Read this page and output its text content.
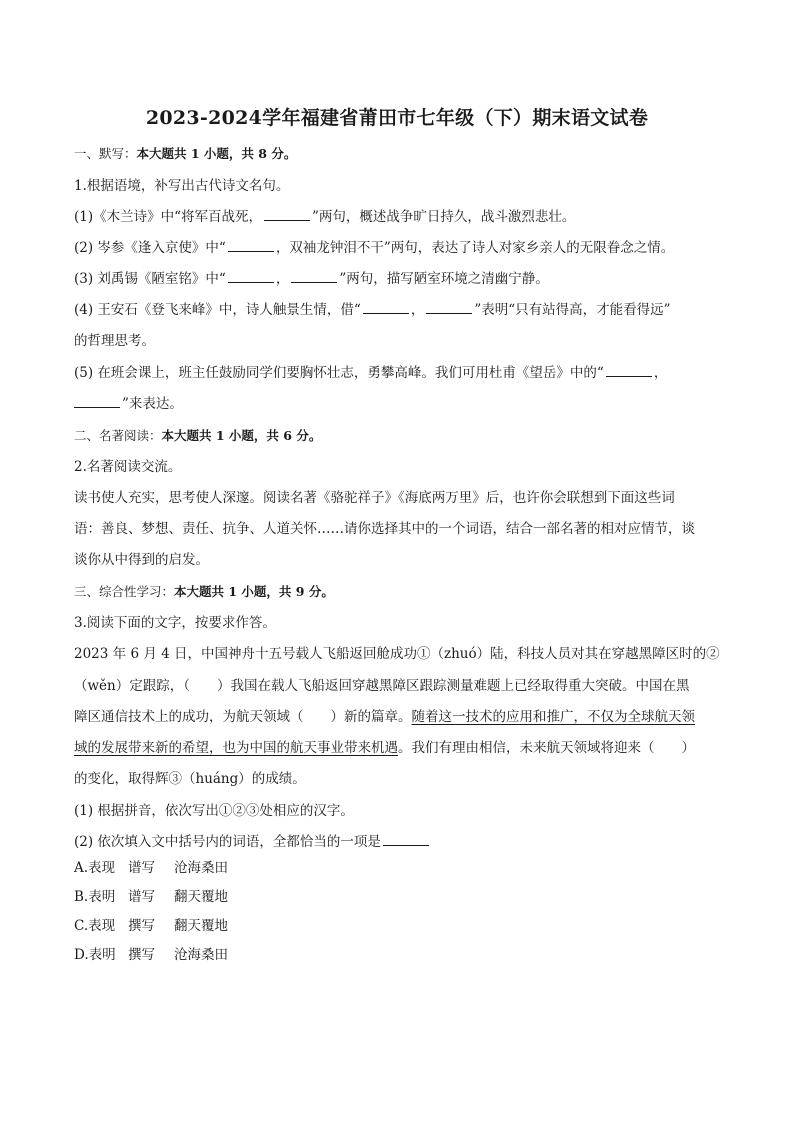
2023-2024学年福建省莆田市七年级（下）期末语文试卷
一、默写：本大题共 1 小题，共 8 分。
1.根据语境，补写出古代诗文名句。
(1)《木兰诗》中“将军百战死，	”两句，概述战争旷日持久，战斗激烈悲壮。
(2) 岑参《逢入京使》中“	，双袖龙钟泪不干”两句，表达了诗人对家乡亲人的无限眷念之情。
(3) 刘禹锡《陋室铭》中“	，	”两句，描写陋室环境之清幽宁静。
(4) 王安石《登飞来峰》中，诗人触景生情，借“	，	”表明“只有站得高，才能看得远”
的哲理思考。
(5) 在班会课上，班主任鼓励同学们要胸怀壮志，勇攀高峰。我们可用杜甫《望岳》中的“	，
”来表达。
二、名著阅读：本大题共 1 小题，共 6 分。
2.名著阅读交流。
读书使人充实，思考使人深邃。阅读名著《骆驼祥子》《海底两万里》后，也许你会联想到下面这些词
语：善良、梦想、责任、抗争、人道关怀……请你选择其中的一个词语，结合一部名著的相对应情节，谈
谈你从中得到的启发。
三、综合性学习：本大题共 1 小题，共 9 分。
3.阅读下面的文字，按要求作答。
2023 年 6 月 4 日，中国神舟十五号载人飞船返回舱成功①（zhuó）陆，科技人员对其在穿越黑障区时的②
（wěn）定跟踪，（　　）我国在载人飞船返回穿越黑障区跟踪测量难题上已经取得重大突破。中国在黑
障区通信技术上的成功，为航天领域（　　）新的篇章。随着这一技术的应用和推广，不仅为全球航天领
域的发展带来新的希望，也为中国的航天事业带来机遇。我们有理由相信，未来航天领域将迎来（　　）
的变化，取得辉③（huáng）的成绩。
(1) 根据拼音，依次写出①②③处相应的汉字。
(2) 依次填入文中括号内的词语，全都恰当的一项是
A.表现 谱写 沧海桑田
B.表明 谱写 翻天覆地
C.表现 撰写 翻天覆地
D.表明 撰写 沧海桑田
